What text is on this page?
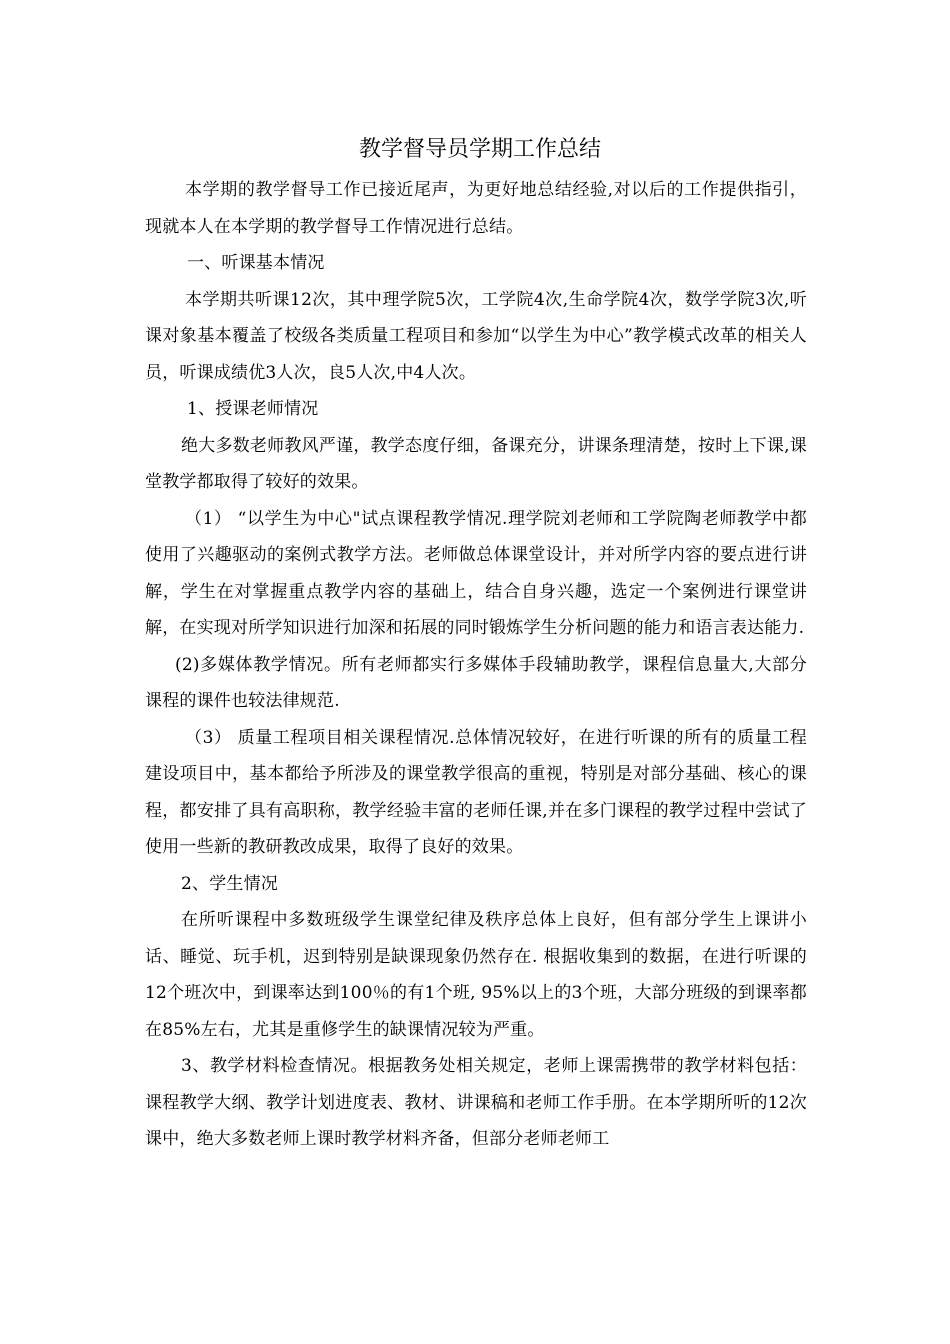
教学督导员学期工作总结

本学期的教学督导工作已接近尾声，为更好地总结经验,对以后的工作提供指引，现就本人在本学期的教学督导工作情况进行总结。

一、听课基本情况

本学期共听课12次，其中理学院5次，工学院4次,生命学院4次，数学学院3次,听课对象基本覆盖了校级各类质量工程项目和参加“以学生为中心”教学模式改革的相关人员，听课成绩优3人次，良5人次,中4人次。

1、授课老师情况

绝大多数老师教风严谨，教学态度仔细，备课充分，讲课条理清楚，按时上下课,课堂教学都取得了较好的效果。

（1） “以学生为中心"试点课程教学情况.理学院刘老师和工学院陶老师教学中都使用了兴趣驱动的案例式教学方法。老师做总体课堂设计，并对所学内容的要点进行讲解，学生在对掌握重点教学内容的基础上，结合自身兴趣，选定一个案例进行课堂讲解，在实现对所学知识进行加深和拓展的同时锻炼学生分析问题的能力和语言表达能力.

(2)多媒体教学情况。所有老师都实行多媒体手段辅助教学，课程信息量大,大部分课程的课件也较法律规范.

（3） 质量工程项目相关课程情况.总体情况较好，在进行听课的所有的质量工程建设项目中，基本都给予所涉及的课堂教学很高的重视，特别是对部分基础、核心的课程，都安排了具有高职称，教学经验丰富的老师任课,并在多门课程的教学过程中尝试了使用一些新的教研教改成果，取得了良好的效果。

2、学生情况

在所听课程中多数班级学生课堂纪律及秩序总体上良好，但有部分学生上课讲小话、睡觉、玩手机，迟到特别是缺课现象仍然存在. 根据收集到的数据，在进行听课的12个班次中，到课率达到100％的有1个班, 95%以上的3个班，大部分班级的到课率都在85%左右，尤其是重修学生的缺课情况较为严重。

3、教学材料检查情况。根据教务处相关规定，老师上课需携带的教学材料包括：课程教学大纲、教学计划进度表、教材、讲课稿和老师工作手册。在本学期所听的12次课中，绝大多数老师上课时教学材料齐备，但部分老师老师工
